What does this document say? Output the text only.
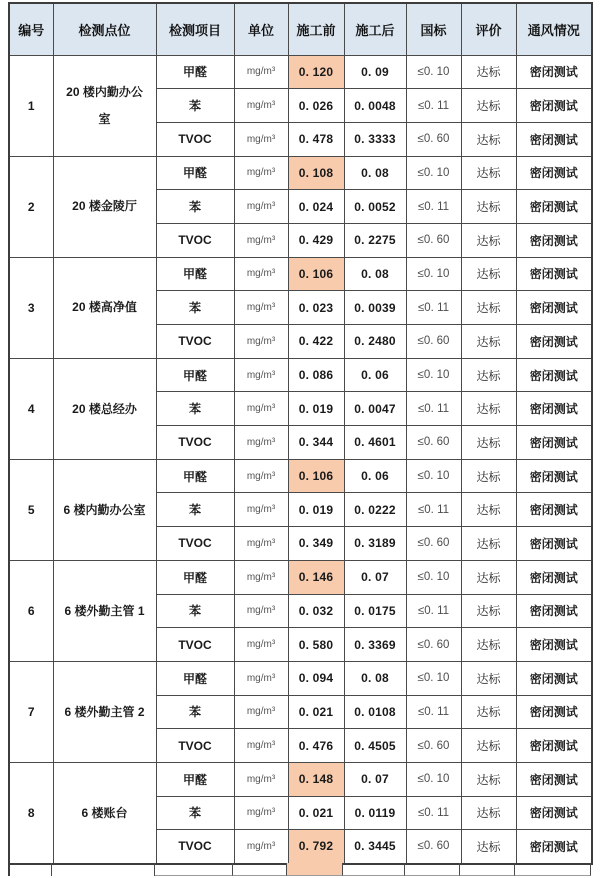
编号	检测点位	检测项目	单位	施工前	施工后	国标	评价	通风情况
1	20 楼内勤办公室	甲醛	mg/m³	0. 120	0. 09	≤0. 10	达标	密闭测试
		苯	mg/m³	0. 026	0. 0048	≤0. 11	达标	密闭测试
		TVOC	mg/m³	0. 478	0. 3333	≤0. 60	达标	密闭测试
2	20 楼金陵厅	甲醛	mg/m³	0. 108	0. 08	≤0. 10	达标	密闭测试
		苯	mg/m³	0. 024	0. 0052	≤0. 11	达标	密闭测试
		TVOC	mg/m³	0. 429	0. 2275	≤0. 60	达标	密闭测试
3	20 楼高净值	甲醛	mg/m³	0. 106	0. 08	≤0. 10	达标	密闭测试
		苯	mg/m³	0. 023	0. 0039	≤0. 11	达标	密闭测试
		TVOC	mg/m³	0. 422	0. 2480	≤0. 60	达标	密闭测试
4	20 楼总经办	甲醛	mg/m³	0. 086	0. 06	≤0. 10	达标	密闭测试
		苯	mg/m³	0. 019	0. 0047	≤0. 11	达标	密闭测试
		TVOC	mg/m³	0. 344	0. 4601	≤0. 60	达标	密闭测试
5	6 楼内勤办公室	甲醛	mg/m³	0. 106	0. 06	≤0. 10	达标	密闭测试
		苯	mg/m³	0. 019	0. 0222	≤0. 11	达标	密闭测试
		TVOC	mg/m³	0. 349	0. 3189	≤0. 60	达标	密闭测试
6	6 楼外勤主管 1	甲醛	mg/m³	0. 146	0. 07	≤0. 10	达标	密闭测试
		苯	mg/m³	0. 032	0. 0175	≤0. 11	达标	密闭测试
		TVOC	mg/m³	0. 580	0. 3369	≤0. 60	达标	密闭测试
7	6 楼外勤主管 2	甲醛	mg/m³	0. 094	0. 08	≤0. 10	达标	密闭测试
		苯	mg/m³	0. 021	0. 0108	≤0. 11	达标	密闭测试
		TVOC	mg/m³	0. 476	0. 4505	≤0. 60	达标	密闭测试
8	6 楼账台	甲醛	mg/m³	0. 148	0. 07	≤0. 10	达标	密闭测试
		苯	mg/m³	0. 021	0. 0119	≤0. 11	达标	密闭测试
		TVOC	mg/m³	0. 792	0. 3445	≤0. 60	达标	密闭测试
